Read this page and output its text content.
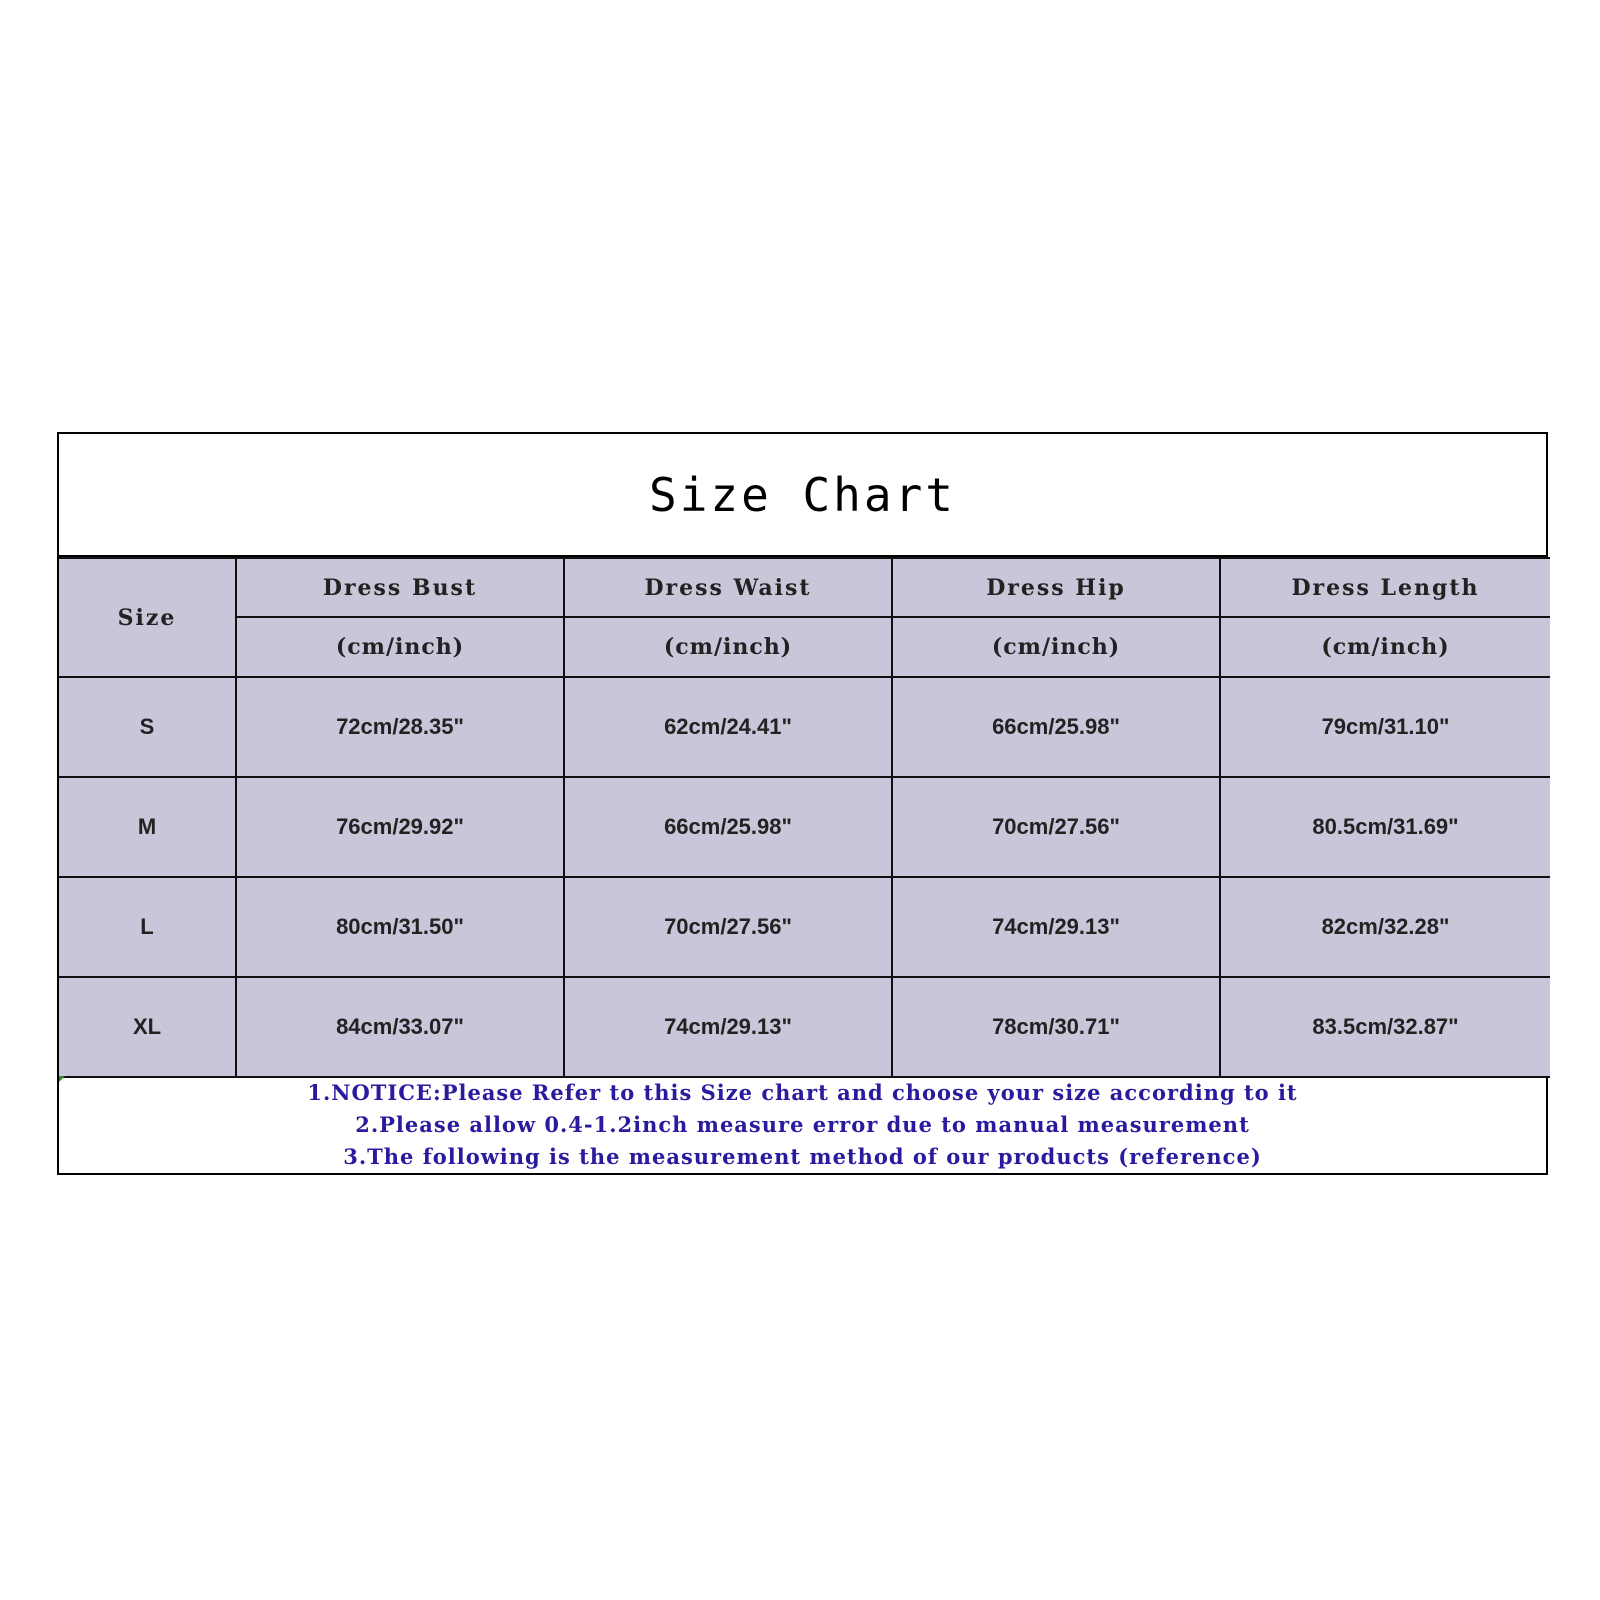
Size Chart
Size	Dress Bust	Dress Waist	Dress Hip	Dress Length
	(cm/inch)	(cm/inch)	(cm/inch)	(cm/inch)
S	72cm/28.35"	62cm/24.41"	66cm/25.98"	79cm/31.10"
M	76cm/29.92"	66cm/25.98"	70cm/27.56"	80.5cm/31.69"
L	80cm/31.50"	70cm/27.56"	74cm/29.13"	82cm/32.28"
XL	84cm/33.07"	74cm/29.13"	78cm/30.71"	83.5cm/32.87"
1.NOTICE:Please Refer to this Size chart and choose your size according to it
2.Please allow 0.4-1.2inch measure error due to manual measurement
3.The following is the measurement method of our products (reference)
